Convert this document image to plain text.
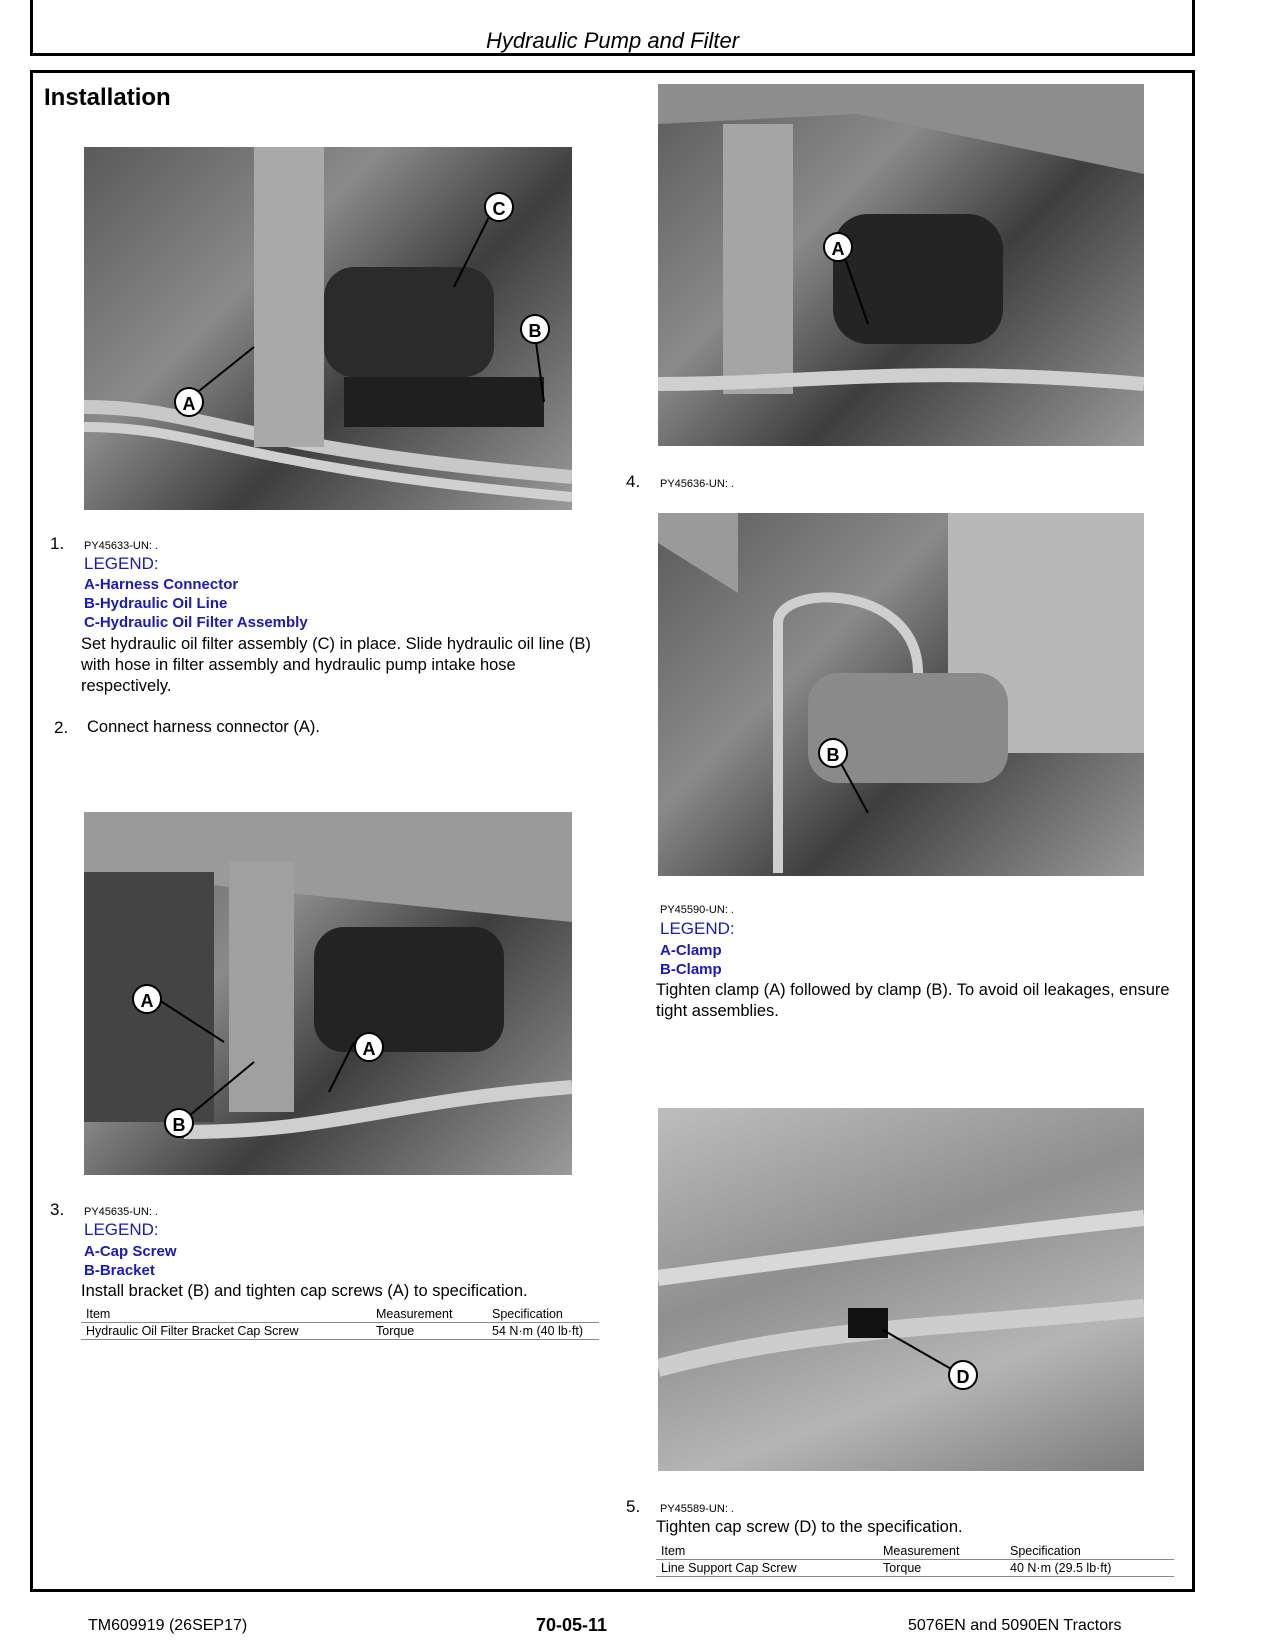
Hydraulic Pump and Filter
Installation
C
B
A
1. PY45633-UN: .
LEGEND:
A-Harness Connector
B-Hydraulic Oil Line
C-Hydraulic Oil Filter Assembly
Set hydraulic oil filter assembly (C) in place. Slide hydraulic oil line (B) with hose in filter assembly and hydraulic pump intake hose respectively.
2. Connect harness connector (A).
A
A
B
3. PY45635-UN: .
LEGEND:
A-Cap Screw
B-Bracket
Install bracket (B) and tighten cap screws (A) to specification.
Item	Measurement	Specification
Hydraulic Oil Filter Bracket Cap Screw	Torque	54 N·m (40 lb·ft)
A
4. PY45636-UN: .
B
PY45590-UN: .
LEGEND:
A-Clamp
B-Clamp
Tighten clamp (A) followed by clamp (B). To avoid oil leakages, ensure tight assemblies.
D
5. PY45589-UN: .
Tighten cap screw (D) to the specification.
Item	Measurement	Specification
Line Support Cap Screw	Torque	40 N·m (29.5 lb·ft)
TM609919 (26SEP17)	70-05-11	5076EN and 5090EN Tractors
